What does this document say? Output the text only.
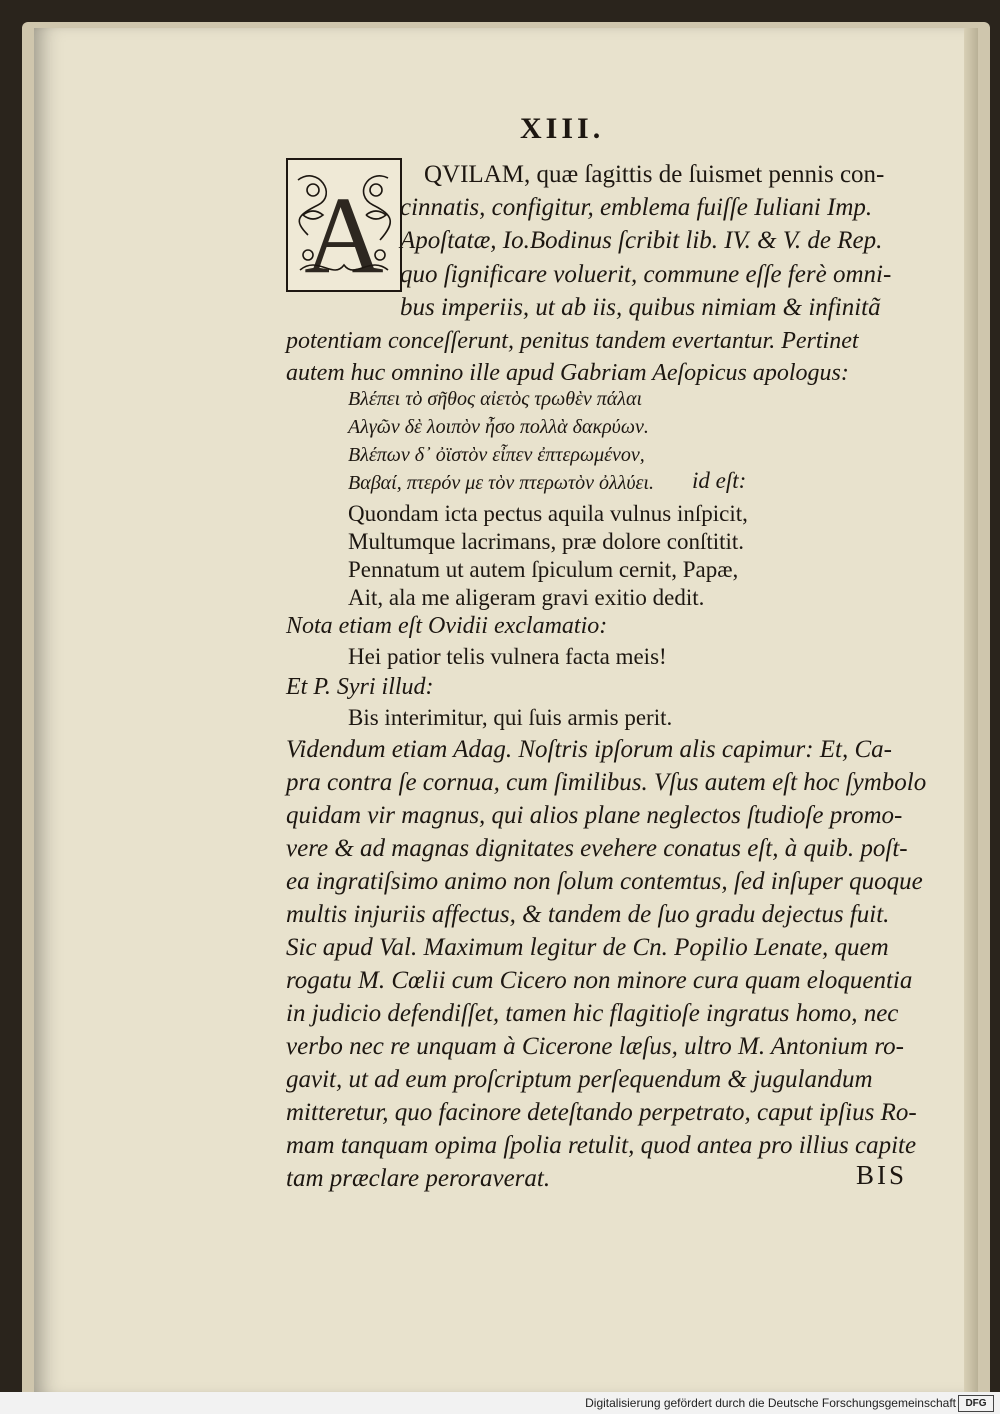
XIII.
A QVILAM, quæ ſagittis de ſuismet pennis con-
cinnatis, configitur, emblema fuiſſe Iuliani Imp.
Apoſtatæ, Io.Bodinus ſcribit lib. IV. & V. de Rep.
quo ſignificare voluerit, commune eſſe ferè omni-
bus imperiis, ut ab iis, quibus nimiam & infinitã
potentiam conceſſerunt, penitus tandem evertantur. Pertinet
autem huc omnino ille apud Gabriam Aeſopicus apologus:
Βλέπει τὸ σῆθος αἰετὸς τρωθὲν πάλαι
Αλγῶν δὲ λοιπὸν ἦσο πολλὰ δακρύων.
Βλέπων δ᾽ ὀϊστὸν εἶπεν ἐπτερωμένον,
Βαβαί, πτερόν με τὸν πτερωτὸν ὀλλύει. id eſt:
Quondam icta pectus aquila vulnus inſpicit,
Multumque lacrimans, præ dolore conſtitit.
Pennatum ut autem ſpiculum cernit, Papæ,
Ait, ala me aligeram gravi exitio dedit.
Nota etiam eſt Ovidii exclamatio:
Hei patior telis vulnera facta meis!
Et P. Syri illud:
Bis interimitur, qui ſuis armis perit.
Videndum etiam Adag. Noſtris ipſorum alis capimur: Et, Ca-
pra contra ſe cornua, cum ſimilibus. Vſus autem eſt hoc ſymbolo
quidam vir magnus, qui alios plane neglectos ſtudioſe promo-
vere & ad magnas dignitates evehere conatus eſt, à quib. poſt-
ea ingratiſsimo animo non ſolum contemtus, ſed inſuper quoque
multis injuriis affectus, & tandem de ſuo gradu dejectus fuit.
Sic apud Val. Maximum legitur de Cn. Popilio Lenate, quem
rogatu M. Cœlii cum Cicero non minore cura quam eloquentia
in judicio defendiſſet, tamen hic flagitioſe ingratus homo, nec
verbo nec re unquam à Cicerone læſus, ultro M. Antonium ro-
gavit, ut ad eum proſcriptum perſequendum & jugulandum
mitteretur, quo facinore deteſtando perpetrato, caput ipſius Ro-
mam tanquam opima ſpolia retulit, quod antea pro illius capite
tam præclare peroraverat.	BIS
Digitalisierung gefördert durch die Deutsche Forschungsgemeinschaft DFG
